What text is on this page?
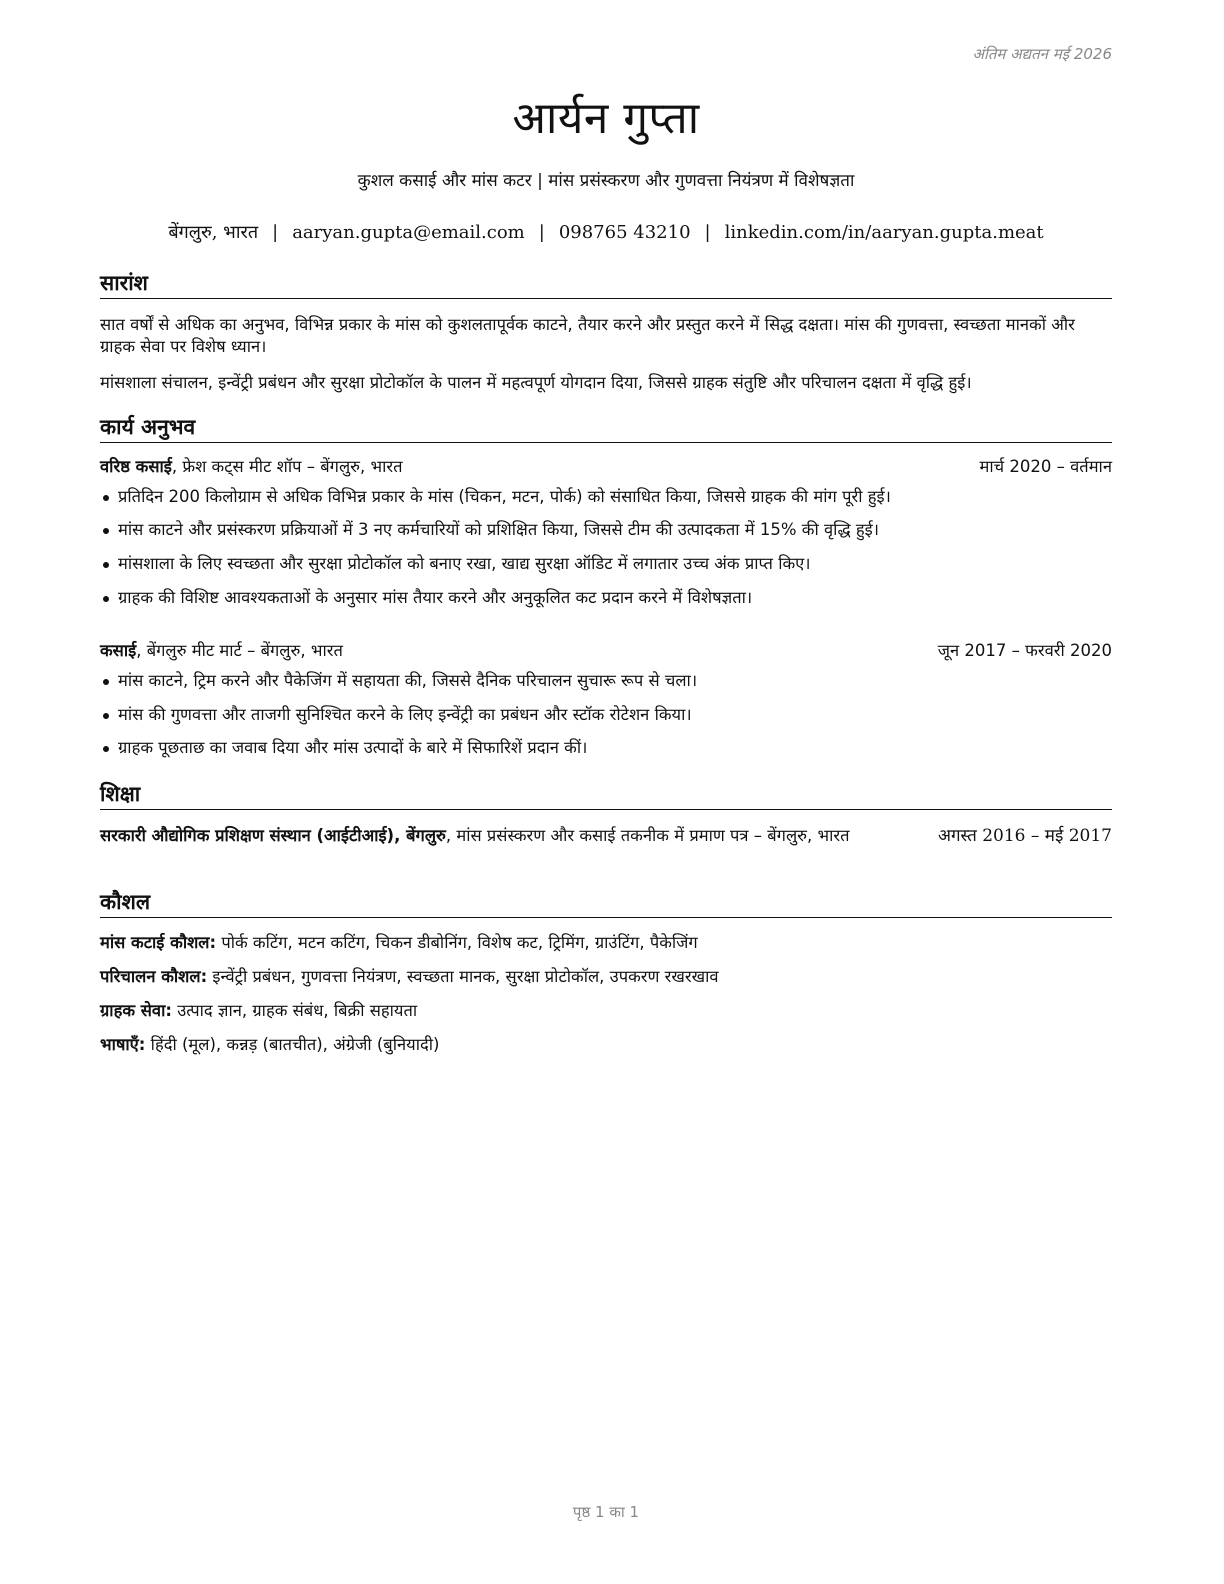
अंतिम अद्यतन मई 2026
आर्यन गुप्ता
कुशल कसाई और मांस कटर | मांस प्रसंस्करण और गुणवत्ता नियंत्रण में विशेषज्ञता
बेंगलुरु, भारत | aaryan.gupta@email.com | 098765 43210 | linkedin.com/in/aaryan.gupta.meat
सारांश
सात वर्षों से अधिक का अनुभव, विभिन्न प्रकार के मांस को कुशलतापूर्वक काटने, तैयार करने और प्रस्तुत करने में सिद्ध दक्षता। मांस की गुणवत्ता, स्वच्छता मानकों और ग्राहक सेवा पर विशेष ध्यान।
मांसशाला संचालन, इन्वेंट्री प्रबंधन और सुरक्षा प्रोटोकॉल के पालन में महत्वपूर्ण योगदान दिया, जिससे ग्राहक संतुष्टि और परिचालन दक्षता में वृद्धि हुई।
कार्य अनुभव
वरिष्ठ कसाई, फ्रेश कट्स मीट शॉप – बेंगलुरु, भारत	मार्च 2020 – वर्तमान
प्रतिदिन 200 किलोग्राम से अधिक विभिन्न प्रकार के मांस (चिकन, मटन, पोर्क) को संसाधित किया, जिससे ग्राहक की मांग पूरी हुई।
मांस काटने और प्रसंस्करण प्रक्रियाओं में 3 नए कर्मचारियों को प्रशिक्षित किया, जिससे टीम की उत्पादकता में 15% की वृद्धि हुई।
मांसशाला के लिए स्वच्छता और सुरक्षा प्रोटोकॉल को बनाए रखा, खाद्य सुरक्षा ऑडिट में लगातार उच्च अंक प्राप्त किए।
ग्राहक की विशिष्ट आवश्यकताओं के अनुसार मांस तैयार करने और अनुकूलित कट प्रदान करने में विशेषज्ञता।
कसाई, बेंगलुरु मीट मार्ट – बेंगलुरु, भारत	जून 2017 – फरवरी 2020
मांस काटने, ट्रिम करने और पैकेजिंग में सहायता की, जिससे दैनिक परिचालन सुचारू रूप से चला।
मांस की गुणवत्ता और ताजगी सुनिश्चित करने के लिए इन्वेंट्री का प्रबंधन और स्टॉक रोटेशन किया।
ग्राहक पूछताछ का जवाब दिया और मांस उत्पादों के बारे में सिफारिशें प्रदान कीं।
शिक्षा
सरकारी औद्योगिक प्रशिक्षण संस्थान (आईटीआई), बेंगलुरु, मांस प्रसंस्करण और कसाई तकनीक में प्रमाण पत्र – बेंगलुरु, भारत	अगस्त 2016 – मई 2017
कौशल
मांस कटाई कौशल: पोर्क कटिंग, मटन कटिंग, चिकन डीबोनिंग, विशेष कट, ट्रिमिंग, ग्राउंटिंग, पैकेजिंग
परिचालन कौशल: इन्वेंट्री प्रबंधन, गुणवत्ता नियंत्रण, स्वच्छता मानक, सुरक्षा प्रोटोकॉल, उपकरण रखरखाव
ग्राहक सेवा: उत्पाद ज्ञान, ग्राहक संबंध, बिक्री सहायता
भाषाएँ: हिंदी (मूल), कन्नड़ (बातचीत), अंग्रेजी (बुनियादी)
पृष्ठ 1 का 1
